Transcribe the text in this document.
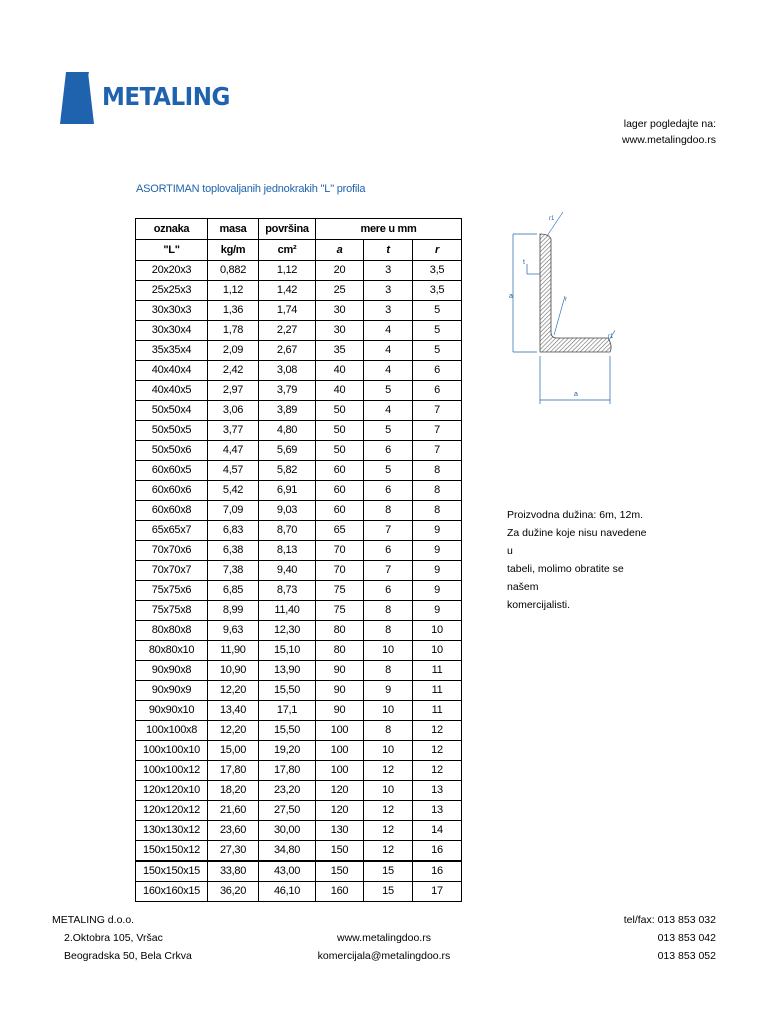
METALING
lager pogledajte na:
www.metalingdoo.rs
ASORTIMAN toplovaljanih jednokrakih "L" profila
oznaka	masa	površina	mere u mm		
"L"	kg/m	cm²	a	t	r
20x20x3	0,882	1,12	20	3	3,5
25x25x3	1,12	1,42	25	3	3,5
30x30x3	1,36	1,74	30	3	5
30x30x4	1,78	2,27	30	4	5
35x35x4	2,09	2,67	35	4	5
40x40x4	2,42	3,08	40	4	6
40x40x5	2,97	3,79	40	5	6
50x50x4	3,06	3,89	50	4	7
50x50x5	3,77	4,80	50	5	7
50x50x6	4,47	5,69	50	6	7
60x60x5	4,57	5,82	60	5	8
60x60x6	5,42	6,91	60	6	8
60x60x8	7,09	9,03	60	8	8
65x65x7	6,83	8,70	65	7	9
70x70x6	6,38	8,13	70	6	9
70x70x7	7,38	9,40	70	7	9
75x75x6	6,85	8,73	75	6	9
75x75x8	8,99	11,40	75	8	9
80x80x8	9,63	12,30	80	8	10
80x80x10	11,90	15,10	80	10	10
90x90x8	10,90	13,90	90	8	11
90x90x9	12,20	15,50	90	9	11
90x90x10	13,40	17,1	90	10	11
100x100x8	12,20	15,50	100	8	12
100x100x10	15,00	19,20	100	10	12
100x100x12	17,80	17,80	100	12	12
120x120x10	18,20	23,20	120	10	13
120x120x12	21,60	27,50	120	12	13
130x130x12	23,60	30,00	130	12	14
150x150x12	27,30	34,80	150	12	16
150x150x15	33,80	43,00	150	15	16
160x160x15	36,20	46,10	160	15	17
a
a
t
r
r1
r1
Proizvodna dužina: 6m, 12m.
Za dužine koje nisu navedene u
tabeli, molimo obratite se našem
komercijalisti.
METALING d.o.o.
2.Oktobra 105, Vršac
Beogradska 50, Bela Crkva
www.metalingdoo.rs
komercijala@metalingdoo.rs
tel/fax: 013 853 032
013 853 042
013 853 052
